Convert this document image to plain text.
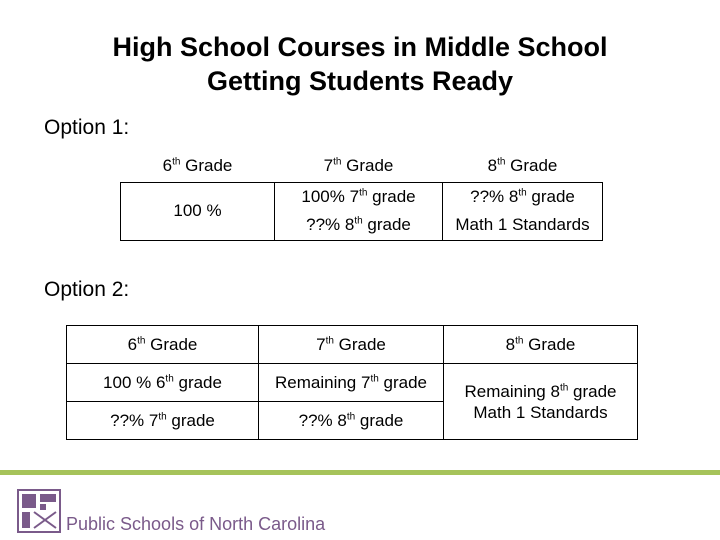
High School Courses in Middle School
Getting Students Ready
Option 1:
6th Grade	7th Grade	8th Grade
100 %	100% 7th grade	??% 8th grade
	??% 8th grade	Math 1 Standards
Option 2:
6th Grade	7th Grade	8th Grade
100 % 6th grade	Remaining 7th grade	Remaining 8th grade
Math 1 Standards

??% 7th grade	??% 8th grade	
Public Schools of North Carolina
